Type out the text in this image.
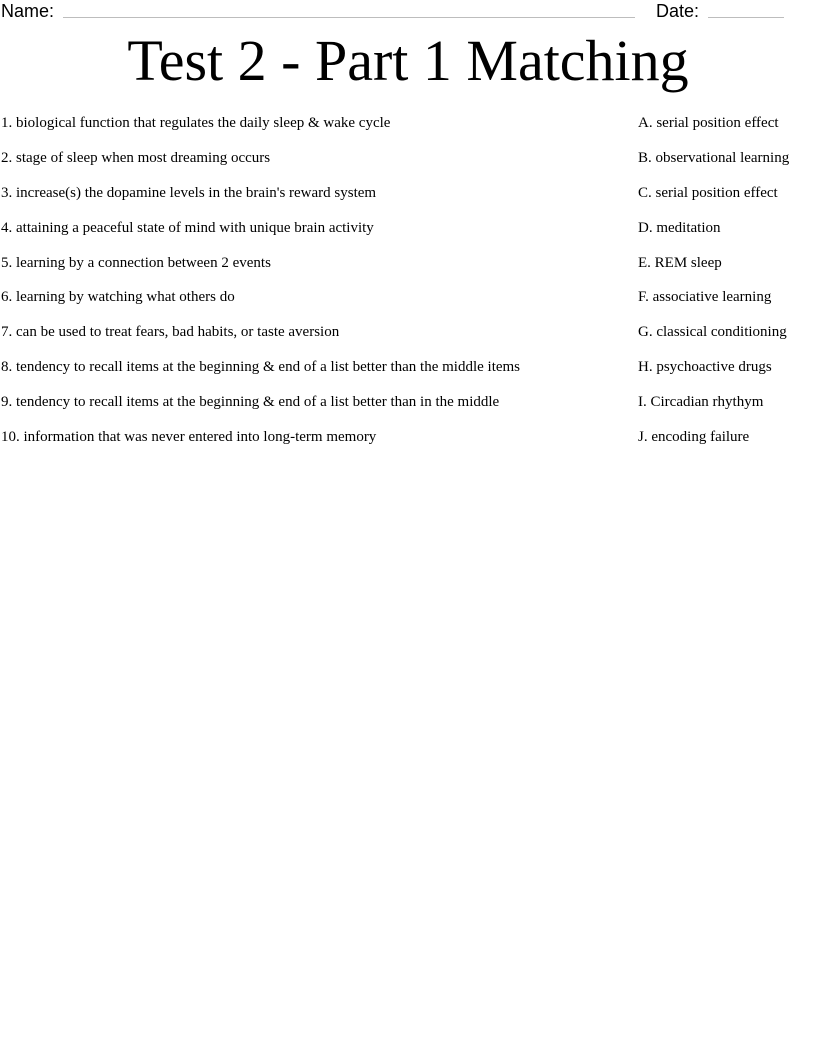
Name:	Date:
Test 2 - Part 1 Matching
1. biological function that regulates the daily sleep & wake cycle
2. stage of sleep when most dreaming occurs
3. increase(s) the dopamine levels in the brain's reward system
4. attaining a peaceful state of mind with unique brain activity
5. learning by a connection between 2 events
6. learning by watching what others do
7. can be used to treat fears, bad habits, or taste aversion
8. tendency to recall items at the beginning & end of a list better than the middle items
9. tendency to recall items at the beginning & end of a list better than in the middle
10. information that was never entered into long-term memory
A. serial position effect
B. observational learning
C. serial position effect
D. meditation
E. REM sleep
F. associative learning
G. classical conditioning
H. psychoactive drugs
I. Circadian rhythym
J. encoding failure
